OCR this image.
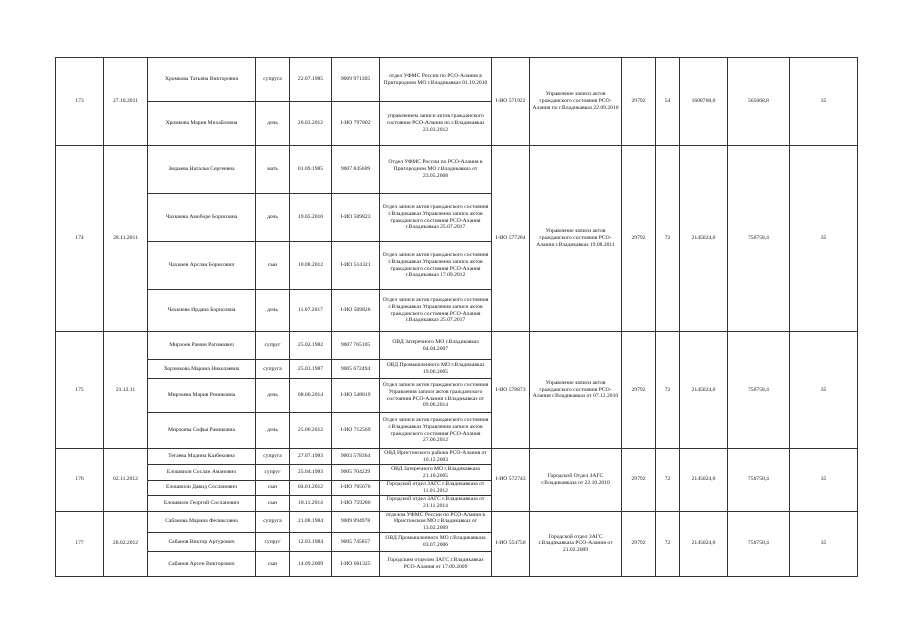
173	27.10.2011	Хромкова Татьяна Викторовна	супруга	22.07.1985	9009 971305	отдел УФМС России по РСО-Алания в Пригородном МО г.Владикавказ 01.10.2010	I-ИО 571922	Управление записи актов гражданского состояния РСО-Алания по г.Владикавказ 22.09.2010	29792	54	1608768,0	565068,8	35
		Хромкова Мария Михайловна	дочь	20.03.2012	I-ИО 797802	управлением записи актов гражданского состояния РСО-Алания по г.Владикавказ 23.03.2012							
174	28.11.2011	Зюраева Наталья Сергеевна	мать	01.09.1985	9007 845609	Отдел УФМС России по РСО-Алания в Пригородном МО г.Владикавказ от 23.05.2008	I-ИО 577284	Управление записи актов гражданского состояния РСО-Алания г.Владикавказ 19.08.2011	29792	72	2145024,0	750758,4	35
		Чахкиева Амоборе Борисовна	дочь	19.05.2010	I-ИО 509823	Отдел записи актов гражданского состояния г.Владикавказ Управления записи актов гражданского состояния РСО-Алания г.Владикавказ 25.07.2017							
		Чахкиев Арслан Борисович	сын	10.08.2012	I-ИО 514321	Отдел записи актов гражданского состояния г.Владикавказ Управления записи актов гражданского состояния РСО-Алания г.Владикавказ 17.09.2012							
		Чахкиева Ирдана Борисовна	дочь	11.07.2017	I-ИО 509826	Отдел записи актов гражданского состояния г.Владикавказ Управления записи актов гражданского состояния РСО-Алания г.Владикавказ 25.07.2017							
175	21.12.11	Мирзоев Рамин Рагимович	супруг	25.02.1982	9007 765105	ОВД Затеречного МО г.Владикавказ 04.04.2007	I-ИО 578873	Управление записи актов гражданского состояния РСО-Алания г.Владикавказ от 07.12.2010	29792	72	2145024,0	750758,4	35
		Хорзюкова Марина Николаевна	супруга	25.03.1987	9005 672494	ОВД Промышленного МО г.Владикавказ 19.06.2005							
		Мирзоева Мария Ромиковна	дочь	08.06.2014	I-ИО 548819	Отдел записи актов гражданского состояния Управления записи актов гражданского состояния РСО-Алания г.Владикавказ от 09.06.2014							
		Мирзоева Софья Рамиковна	дочь	25.06.2012	I-ИО 712569	Отдел записи актов гражданского состояния г.Владикавказ Управления записи актов гражданского состояния РСО-Алания 27.06.2012							
176	02.11.2012	Тегаева Мадина Казбековна	супруга	27.07.1983	9003 578364	ОВД Иристонского района РСО-Алания от 10.12.2003	I-ИО 572743	Городской Отдел ЗАГС г.Владикавказа от 22.10.2010	29792	72	2145024,0	750758,4	35
		Елошвили Сослан Аманович	супруг	25.04.1983	9005 704229	ОВД Затеречного МО г.Владикавказа 21.10.2005							
		Елошвили Давид Сосланович	сын	04.01.2012	I-ИО 705676	Городской отдел ЗАГС г.Владикавказа от 11.01.2012							
		Елошвили Георгий Сосланович	сын	18.11.2014	I-ИО 759280	Городской отдел ЗАГС г.Владикавказа от 21.11.2014							
177	28.02.2012	Сабанова Марина Феликсовна	супруга	21.08.1984	9009 894978	отделом УФМС России по РСО-Алания в Иристонском МО г.Владикавказ от 13.02.2009	I-ИО 554750	Городской отдел ЗАГС г.Владикавказа РСО-Алания от 21.02.2009	29792	72	2145024,0	750758,4	35
		Сабанов Виктор Артурович	супруг	12.03.1984	9005 745857	ОВД Промышленного МО г.Владикавказа 03.07.2006							
		Сабанов Арсен Викторович	сын	14.09.2009	I-ИО 661325	Городским отделом ЗАГС г.Владикавказ РСО-Алания от 17.09.2009							
